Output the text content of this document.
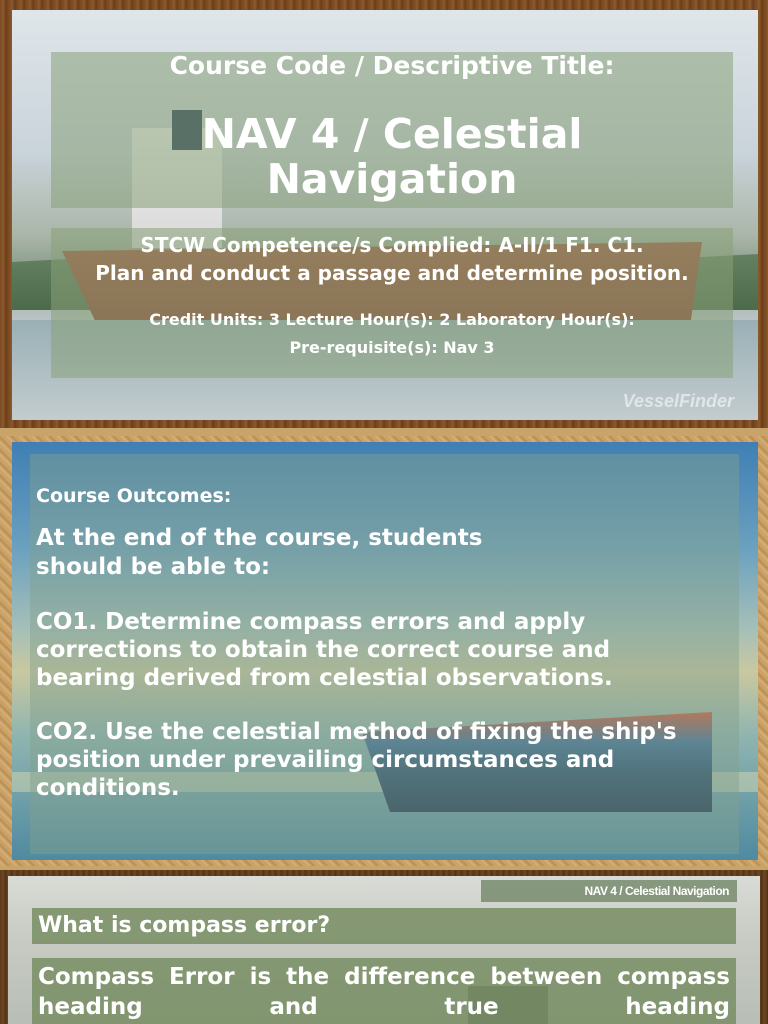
VesselFinder
Course Code / Descriptive Title:
NAV 4 / Celestial
Navigation
STCW Competence/s Complied: A-II/1 F1. C1.
Plan and conduct a passage and determine position.
Credit Units: 3 Lecture Hour(s): 2 Laboratory Hour(s):
Pre-requisite(s): Nav 3
Course Outcomes:
At the end of the course, students should be able to:
CO1. Determine compass errors and apply corrections to obtain the correct course and bearing derived from celestial observations.
CO2. Use the celestial method of fixing the ship's
position under prevailing circumstances and conditions.
NAV 4 / Celestial Navigation
What is compass error?
Compass Error is the difference between compass heading and true heading
